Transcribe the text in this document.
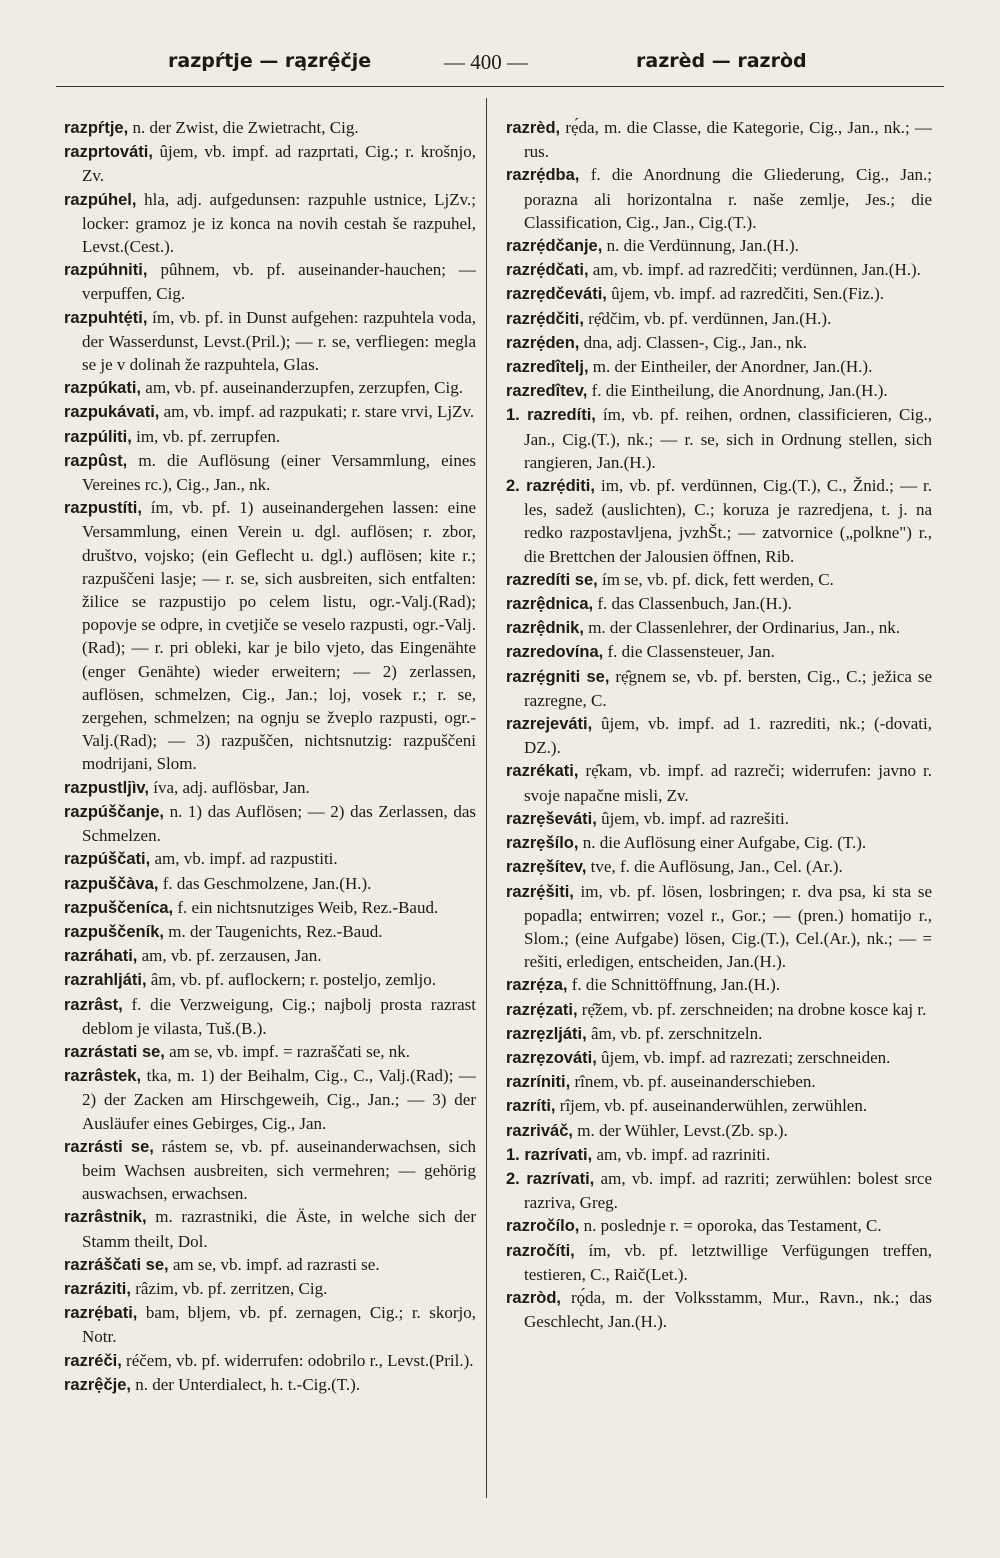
razpŕtje — ra̧zrȩ̂čje	— 400 —	razrèd — razròd

razpŕtje, n. der Zwist, die Zwietracht, Cig.

razprtováti, ûjem, vb. impf. ad razprtati, Cig.; r. krošnjo, Zv.

razpúhel, hla, adj. aufgedunsen: razpuhle ustnice, LjZv.; locker: gramoz je iz konca na novih cestah še razpuhel, Levst.(Cest.).

razpúhniti, pûhnem, vb. pf. auseinander-hauchen; — verpuffen, Cig.

razpuhtẹ́ti, ím, vb. pf. in Dunst aufgehen: razpuhtela voda, der Wasserdunst, Levst.(Pril.); — r. se, verfliegen: megla se je v dolinah že razpuhtela, Glas.

razpúkati, am, vb. pf. auseinanderzupfen, zerzupfen, Cig.

razpukávati, am, vb. impf. ad razpukati; r. stare vrvi, LjZv.

razpúliti, im, vb. pf. zerrupfen.

razpûst, m. die Auflösung (einer Versammlung, eines Vereines rc.), Cig., Jan., nk.

razpustíti, ím, vb. pf. 1) auseinandergehen lassen: eine Versammlung, einen Verein u. dgl. auflösen; r. zbor, društvo, vojsko; (ein Geflecht u. dgl.) auflösen; kite r.; razpuščeni lasje; — r. se, sich ausbreiten, sich entfalten: žilice se razpustijo po celem listu, ogr.-Valj.(Rad); popovje se odpre, in cvetjiče se veselo razpusti, ogr.-Valj.(Rad); — r. pri obleki, kar je bilo vjeto, das Eingenähte (enger Genähte) wieder erweitern; — 2) zerlassen, auflösen, schmelzen, Cig., Jan.; loj, vosek r.; r. se, zergehen, schmelzen; na ognju se žveplo razpusti, ogr.-Valj.(Rad); — 3) razpuščen, nichtsnutzig: razpuščeni modrijani, Slom.

razpustljìv, íva, adj. auflösbar, Jan.

razpúščanje, n. 1) das Auflösen; — 2) das Zerlassen, das Schmelzen.

razpúščati, am, vb. impf. ad razpustiti.

razpuščàva, f. das Geschmolzene, Jan.(H.).

razpuščeníca, f. ein nichtsnutziges Weib, Rez.-Baud.

razpuščeník, m. der Taugenichts, Rez.-Baud.

razráhati, am, vb. pf. zerzausen, Jan.

razrahljáti, âm, vb. pf. auflockern; r. posteljo, zemljo.

razrâst, f. die Verzweigung, Cig.; najbolj prosta razrast deblom je vilasta, Tuš.(B.).

razrástati se, am se, vb. impf. = razraščati se, nk.

razrâstek, tka, m. 1) der Beihalm, Cig., C., Valj.(Rad); — 2) der Zacken am Hirschgeweih, Cig., Jan.; — 3) der Ausläufer eines Gebirges, Cig., Jan.

razrásti se, rástem se, vb. pf. auseinanderwachsen, sich beim Wachsen ausbreiten, sich vermehren; — gehörig auswachsen, erwachsen.

razrâstnik, m. razrastniki, die Äste, in welche sich der Stamm theilt, Dol.

razráščati se, am se, vb. impf. ad razrasti se.

razráziti, râzim, vb. pf. zerritzen, Cig.

razrẹ́bati, bam, bljem, vb. pf. zernagen, Cig.; r. skorjo, Notr.

razréči, réčem, vb. pf. widerrufen: odobrilo r., Levst.(Pril.).

razrệčje, n. der Unterdialect, h. t.-Cig.(T.).

razrèd, rẹ́da, m. die Classe, die Kategorie, Cig., Jan., nk.; — rus.

razrẹ́dba, f. die Anordnung die Gliederung, Cig., Jan.; porazna ali horizontalna r. naše zemlje, Jes.; die Classification, Cig., Jan., Cig.(T.).

razrẹ́dčanje, n. die Verdünnung, Jan.(H.).

razrẹ́dčati, am, vb. impf. ad razredčiti; verdünnen, Jan.(H.).

razrẹdčeváti, ûjem, vb. impf. ad razredčiti, Sen.(Fiz.).

razrẹ́dčiti, rẹ̑dčim, vb. pf. verdünnen, Jan.(H.).

razrẹ́den, dna, adj. Classen-, Cig., Jan., nk.

razredîtelj, m. der Eintheiler, der Anordner, Jan.(H.).

razredîtev, f. die Eintheilung, die Anordnung, Jan.(H.).

1. razredíti, ím, vb. pf. reihen, ordnen, classificieren, Cig., Jan., Cig.(T.), nk.; — r. se, sich in Ordnung stellen, sich rangieren, Jan.(H.).

2. razrẹ́diti, im, vb. pf. verdünnen, Cig.(T.), C., Žnid.; — r. les, sadež (auslichten), C.; koruza je razredjena, t. j. na redko razpostavljena, jvzhŠt.; — zatvornice („polkne") r., die Brettchen der Jalousien öffnen, Rib.

razredíti se, ím se, vb. pf. dick, fett werden, C.

razrệdnica, f. das Classenbuch, Jan.(H.).

razrệdnik, m. der Classenlehrer, der Ordinarius, Jan., nk.

razredovína, f. die Classensteuer, Jan.

razrẹ́gniti se, rẹ̑gnem se, vb. pf. bersten, Cig., C.; ježica se razregne, C.

razrejeváti, ûjem, vb. impf. ad 1. razrediti, nk.; (-dovati, DZ.).

razrékati, rẹ̑kam, vb. impf. ad razreči; widerrufen: javno r. svoje napačne misli, Zv.

razrẹševáti, ûjem, vb. impf. ad razrešiti.

razrẹšílo, n. die Auflösung einer Aufgabe, Cig. (T.).

razrẹšítev, tve, f. die Auflösung, Jan., Cel. (Ar.).

razrẹ́šiti, im, vb. pf. lösen, losbringen; r. dva psa, ki sta se popadla; entwirren; vozel r., Gor.; — (pren.) homatijo r., Slom.; (eine Aufgabe) lösen, Cig.(T.), Cel.(Ar.), nk.; — = rešiti, erledigen, entscheiden, Jan.(H.).

razrẹ́za, f. die Schnittöffnung, Jan.(H.).

razrẹ́zati, rẹ̑žem, vb. pf. zerschneiden; na drobne kosce kaj r.

razrẹzljáti, âm, vb. pf. zerschnitzeln.

razrẹzováti, ûjem, vb. impf. ad razrezati; zerschneiden.

razríniti, rînem, vb. pf. auseinanderschieben.

razríti, rîjem, vb. pf. auseinanderwühlen, zerwühlen.

razriváč, m. der Wühler, Levst.(Zb. sp.).

1. razrívati, am, vb. impf. ad razriniti.

2. razrívati, am, vb. impf. ad razriti; zerwühlen: bolest srce razriva, Greg.

razročílo, n. poslednje r. = oporoka, das Testament, C.

razročíti, ím, vb. pf. letztwillige Verfügungen treffen, testieren, C., Raič(Let.).

razròd, rǫ́da, m. der Volksstamm, Mur., Ravn., nk.; das Geschlecht, Jan.(H.).
